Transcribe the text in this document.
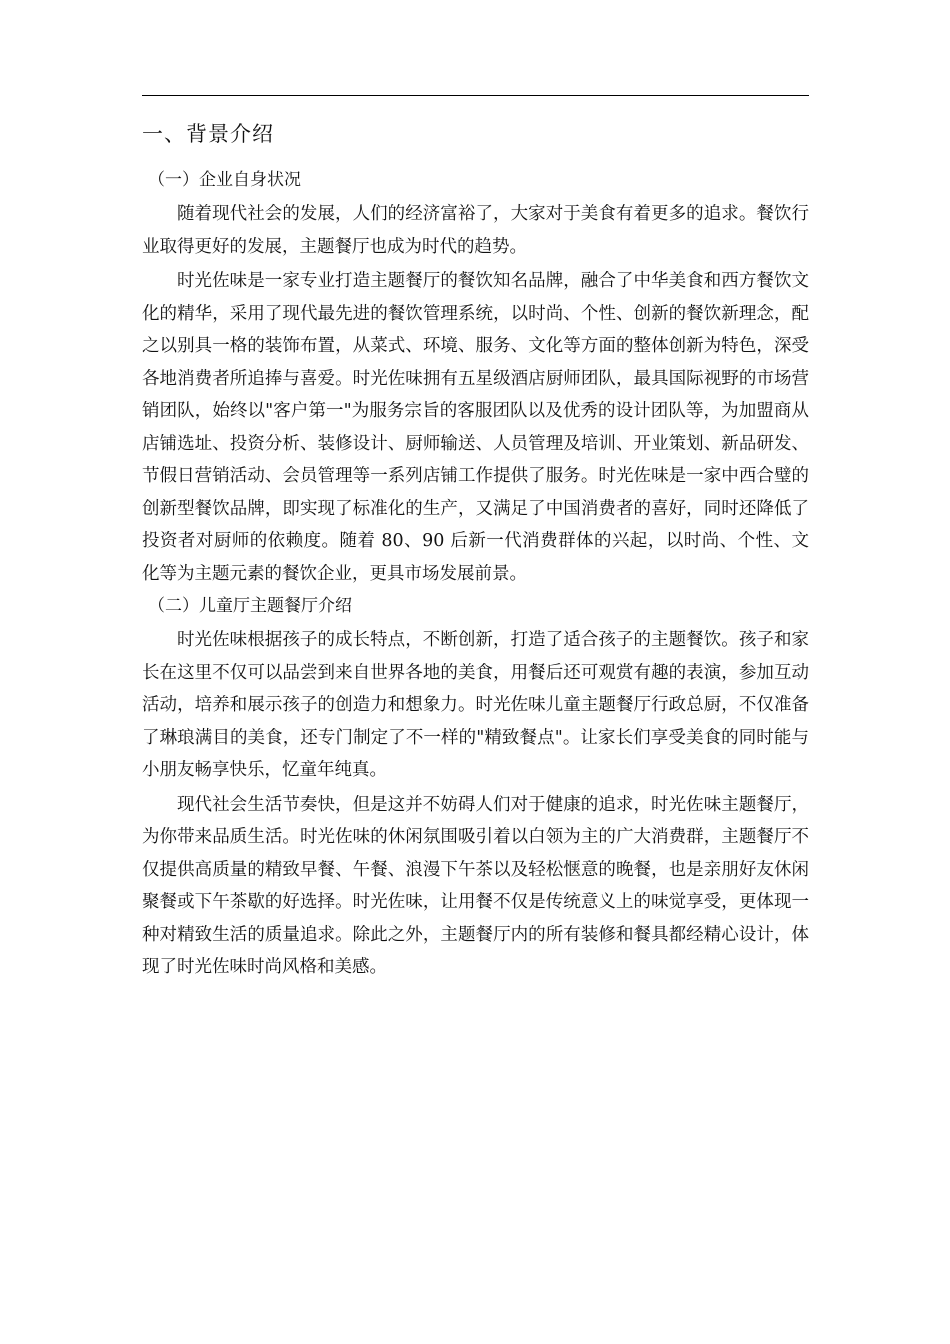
一、背景介绍
（一）企业自身状况

随着现代社会的发展，人们的经济富裕了，大家对于美食有着更多的追求。餐饮行业取得更好的发展，主题餐厅也成为时代的趋势。

时光佐味是一家专业打造主题餐厅的餐饮知名品牌，融合了中华美食和西方餐饮文化的精华，采用了现代最先进的餐饮管理系统，以时尚、个性、创新的餐饮新理念，配之以别具一格的装饰布置，从菜式、环境、服务、文化等方面的整体创新为特色，深受各地消费者所追捧与喜爱。时光佐味拥有五星级酒店厨师团队，最具国际视野的市场营销团队，始终以"客户第一"为服务宗旨的客服团队以及优秀的设计团队等，为加盟商从店铺选址、投资分析、装修设计、厨师输送、人员管理及培训、开业策划、新品研发、节假日营销活动、会员管理等一系列店铺工作提供了服务。时光佐味是一家中西合璧的创新型餐饮品牌，即实现了标准化的生产，又满足了中国消费者的喜好，同时还降低了投资者对厨师的依赖度。随着 80、90 后新一代消费群体的兴起，以时尚、个性、文化等为主题元素的餐饮企业，更具市场发展前景。

（二）儿童厅主题餐厅介绍

时光佐味根据孩子的成长特点，不断创新，打造了适合孩子的主题餐饮。孩子和家长在这里不仅可以品尝到来自世界各地的美食，用餐后还可观赏有趣的表演，参加互动活动，培养和展示孩子的创造力和想象力。时光佐味儿童主题餐厅行政总厨，不仅准备了琳琅满目的美食，还专门制定了不一样的"精致餐点"。让家长们享受美食的同时能与小朋友畅享快乐，忆童年纯真。

现代社会生活节奏快，但是这并不妨碍人们对于健康的追求，时光佐味主题餐厅，为你带来品质生活。时光佐味的休闲氛围吸引着以白领为主的广大消费群，主题餐厅不仅提供高质量的精致早餐、午餐、浪漫下午茶以及轻松惬意的晚餐，也是亲朋好友休闲聚餐或下午茶歇的好选择。时光佐味，让用餐不仅是传统意义上的味觉享受，更体现一种对精致生活的质量追求。除此之外，主题餐厅内的所有装修和餐具都经精心设计，体现了时光佐味时尚风格和美感。
